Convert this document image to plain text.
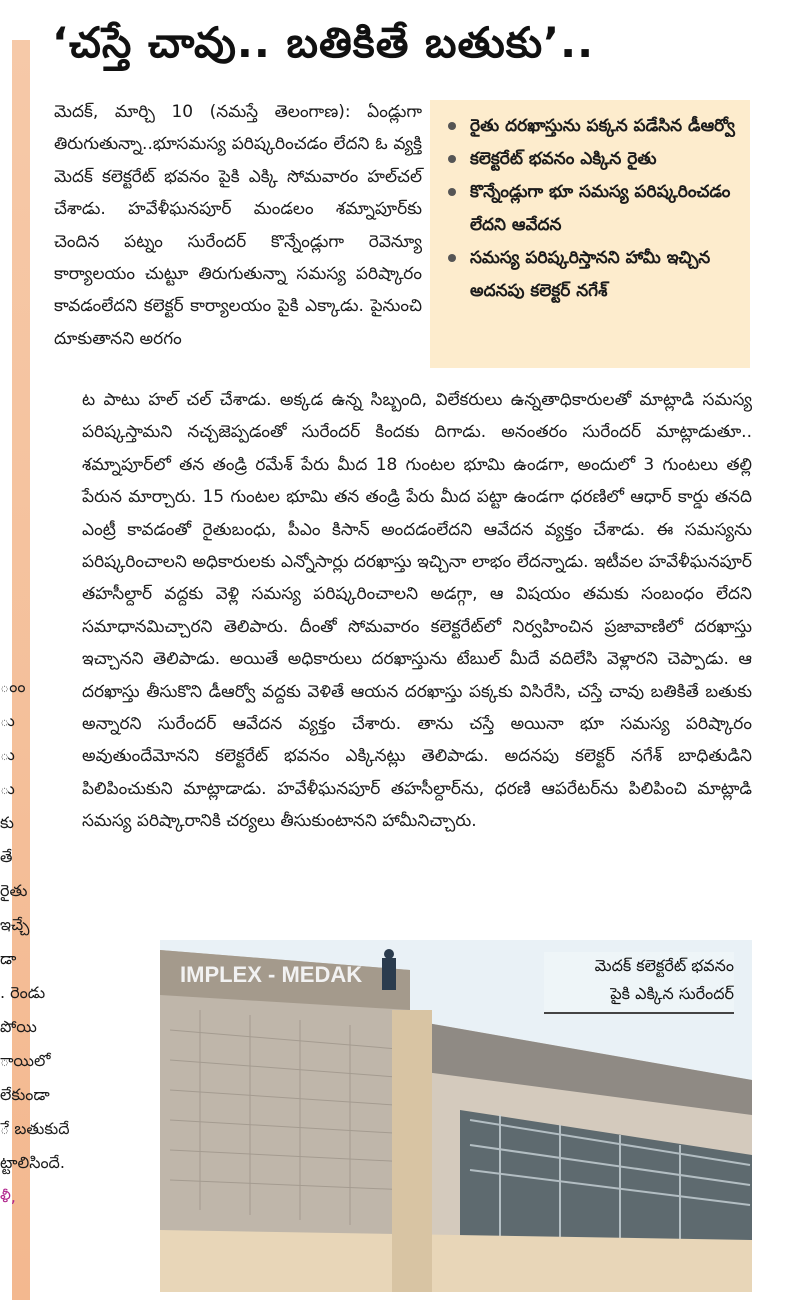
ంం
ు
ు
ు
కు
తే
రైతు
ఇచ్చే
డా
. రెండు
పోయి
ాయిలో
లేకుండా
ే బతుకుదే
ట్టాలిసిందే.
ళీ,
‘చస్తే చావు.. బతికితే బతుకు’..

మెదక్‌, మార్చి 10 (నమస్తే తెలంగాణ): ఏండ్లుగా తిరుగుతున్నా..భూసమస్య పరిష్కరించడం లేదని ఓ వ్యక్తి మెదక్‌ కలెక్టరేట్‌ భవనం పైకి ఎక్కి సోమవారం హల్‌చల్‌ చేశాడు. హవేళీఘనపూర్‌ మండలం శమ్నాపూర్‌కు చెందిన పట్నం సురేందర్‌ కొన్నేండ్లుగా రెవెన్యూ కార్యాలయం చుట్టూ తిరుగుతున్నా సమస్య పరిష్కారం కావడంలేదని కలెక్టర్‌ కార్యాలయం పైకి ఎక్కాడు. పైనుంచి దూకుతానని అరగం

రైతు దరఖాస్తును పక్కన పడేసిన డీఆర్వో
కలెక్టరేట్‌ భవనం ఎక్కిన రైతు
కొన్నేండ్లుగా భూ సమస్య పరిష్కరించడం లేదని ఆవేదన
సమస్య పరిష్కరిస్తానని హామీ ఇచ్చిన అదనపు కలెక్టర్‌ నగేశ్‌

ట పాటు హల్‌ చల్‌ చేశాడు. అక్కడ ఉన్న సిబ్బంది, విలేకరులు ఉన్నతాధికారులతో మాట్లాడి సమస్య పరిష్కస్తామని నచ్చజెప్పడంతో సురేందర్‌ కిందకు దిగాడు. అనంతరం సురేందర్‌ మాట్లాడుతూ.. శమ్నాపూర్‌లో తన తండ్రి రమేశ్‌ పేరు మీద 18 గుంటల భూమి ఉండగా, అందులో 3 గుంటలు తల్లి పేరున మార్చారు. 15 గుంటల భూమి తన తండ్రి పేరు మీద పట్టా ఉండగా ధరణిలో ఆధార్‌ కార్డు తనది ఎంట్రీ కావడంతో రైతుబంధు, పీఎం కిసాన్‌ అందడంలేదని ఆవేదన వ్యక్తం చేశాడు. ఈ సమస్యను పరిష్కరించాలని అధికారులకు ఎన్నోసార్లు దరఖాస్తు ఇచ్చినా లాభం లేదన్నాడు. ఇటీవల హవేళీఘనపూర్‌ తహసీల్దార్‌ వద్దకు వెళ్లి సమస్య పరిష్కరించాలని అడగ్గా, ఆ విషయం తమకు సంబంధం లేదని సమాధానమిచ్చారని తెలిపారు. దీంతో సోమవారం కలెక్టరేట్‌లో నిర్వహించిన ప్రజావాణిలో దరఖాస్తు ఇచ్చానని తెలిపాడు. అయితే అధికారులు దరఖాస్తును టేబుల్‌ మీదే వదిలేసి వెళ్లారని చెప్పాడు. ఆ దరఖాస్తు తీసుకొని డీఆర్వో వద్దకు వెళితే ఆయన దరఖాస్తు పక్కకు విసిరేసి, చస్తే చావు బతికితే బతుకు అన్నారని సురేందర్‌ ఆవేదన వ్యక్తం చేశారు. తాను చస్తే అయినా భూ సమస్య పరిష్కారం అవుతుందేమోనని కలెక్టరేట్‌ భవనం ఎక్కినట్లు తెలిపాడు. అదనపు కలెక్టర్‌ నగేశ్‌ బాధితుడిని పిలిపించుకుని మాట్లాడాడు. హవేళీఘనపూర్‌ తహసీల్దార్‌ను, ధరణి ఆపరేటర్‌ను పిలిపించి మాట్లాడి సమస్య పరిష్కారానికి చర్యలు తీసుకుంటానని హామీనిచ్చారు.

IMPLEX - MEDAK	మెదక్‌ కలెక్టరేట్‌ భవనం
పైకి ఎక్కిన సురేందర్‌
